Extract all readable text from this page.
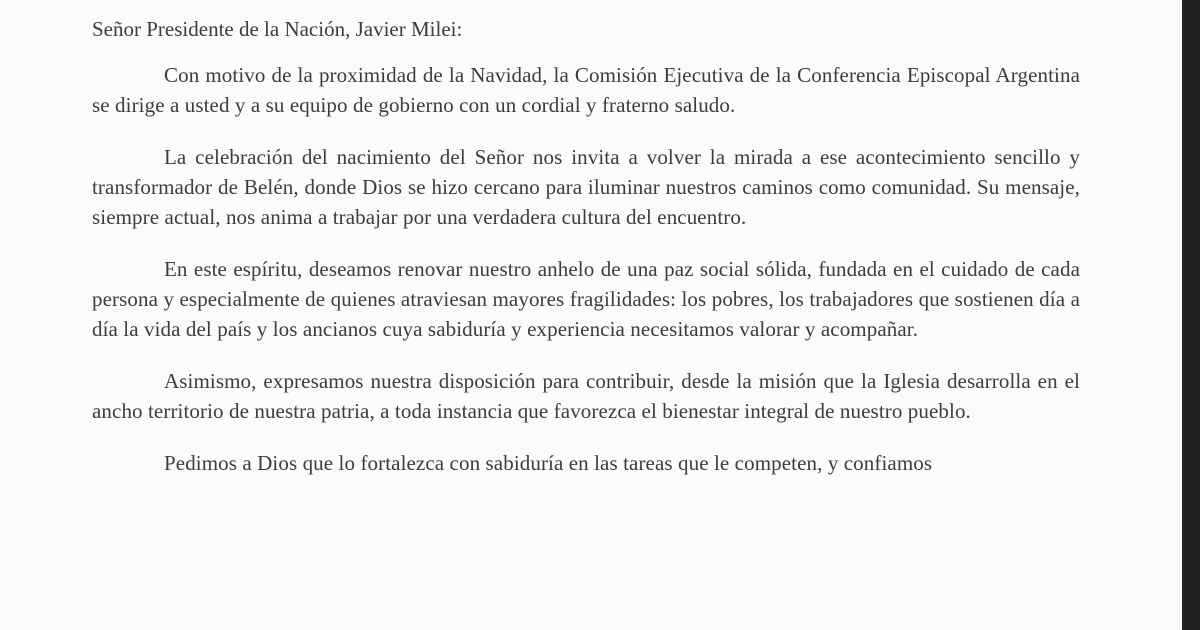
Señor Presidente de la Nación, Javier Milei:

Con motivo de la proximidad de la Navidad, la Comisión Ejecutiva de la Conferencia Episcopal Argentina se dirige a usted y a su equipo de gobierno con un cordial y fraterno saludo.

La celebración del nacimiento del Señor nos invita a volver la mirada a ese acontecimiento sencillo y transformador de Belén, donde Dios se hizo cercano para iluminar nuestros caminos como comunidad. Su mensaje, siempre actual, nos anima a trabajar por una verdadera cultura del encuentro.

En este espíritu, deseamos renovar nuestro anhelo de una paz social sólida, fundada en el cuidado de cada persona y especialmente de quienes atraviesan mayores fragilidades: los pobres, los trabajadores que sostienen día a día la vida del país y los ancianos cuya sabiduría y experiencia necesitamos valorar y acompañar.

Asimismo, expresamos nuestra disposición para contribuir, desde la misión que la Iglesia desarrolla en el ancho territorio de nuestra patria, a toda instancia que favorezca el bienestar integral de nuestro pueblo.

Pedimos a Dios que lo fortalezca con sabiduría en las tareas que le competen, y confiamos
